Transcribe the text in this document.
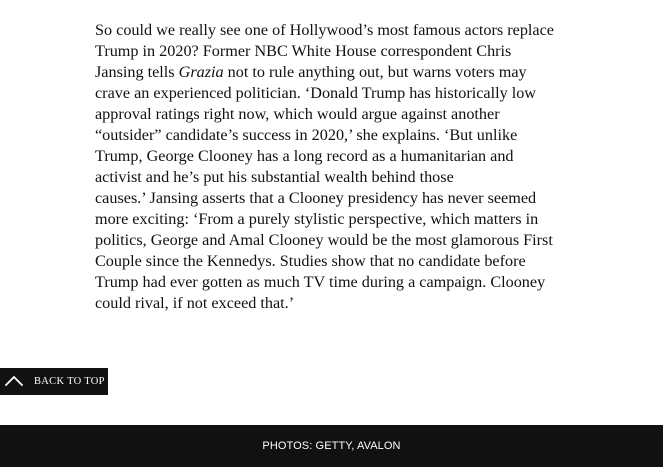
So could we really see one of Hollywood’s most famous actors replace
Trump in 2020? Former NBC White House correspondent Chris
Jansing tells Grazia not to rule anything out, but warns voters may
crave an experienced politician. ‘Donald Trump has historically low
approval ratings right now, which would argue against another
“outsider” candidate’s success in 2020,’ she explains. ‘But unlike
Trump, George Clooney has a long record as a humanitarian and
activist and he’s put his substantial wealth behind those
causes.’ Jansing asserts that a Clooney presidency has never seemed
more exciting: ‘From a purely stylistic perspective, which matters in
politics, George and Amal Clooney would be the most glamorous First
Couple since the Kennedys. Studies show that no candidate before
Trump had ever gotten as much TV time during a campaign. Clooney
could rival, if not exceed that.’

BACK TO TOP
PHOTOS: GETTY, AVALON
